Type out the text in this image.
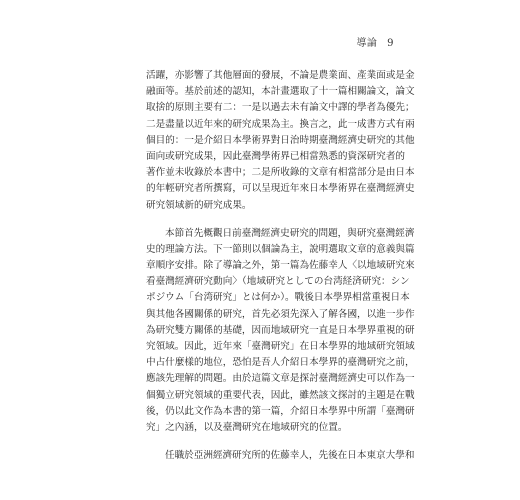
導論 9

活躍，亦影響了其他層面的發展，不論是農業面、產業面或是金
融面等。基於前述的認知，本計畫選取了十一篇相關論文，論文
取捨的原則主要有二：一是以過去未有論文中譯的學者為優先；
二是盡量以近年來的研究成果為主。換言之，此一成書方式有兩
個目的：一是介紹日本學術界對日治時期臺灣經濟史研究的其他
面向或研究成果，因此臺灣學術界已相當熟悉的資深研究者的
著作並未收錄於本書中；二是所收錄的文章有相當部分是由日本
的年輕研究者所撰寫，可以呈現近年來日本學術界在臺灣經濟史
研究領域新的研究成果。

本節首先概觀日前臺灣經濟史研究的問題，與研究臺灣經濟
史的理論方法。下一節則以個論為主，說明選取文章的意義與篇
章順序安排。除了導論之外，第一篇為佐藤幸人〈以地域研究來
看臺灣經濟研究動向〉（地域研究としての台湾経済研究：シン
ポジウム「台湾研究」とは何か）。戰後日本學界相當重視日本
與其他各國關係的研究，首先必須先深入了解各國，以進一步作
為研究雙方關係的基礎，因而地域研究一直是日本學界重視的研
究領域。因此，近年來「臺灣研究」在日本學界的地域研究領域
中占什麼樣的地位，恐怕是吾人介紹日本學界的臺灣研究之前，
應該先理解的問題。由於這篇文章是探討臺灣經濟史可以作為一
個獨立研究領域的重要代表，因此，雖然該文探討的主題是在戰
後，仍以此文作為本書的第一篇，介紹日本學界中所謂「臺灣研
究」之內涵，以及臺灣研究在地域研究的位置。

任職於亞洲經濟研究所的佐藤幸人，先後在日本東京大學和
